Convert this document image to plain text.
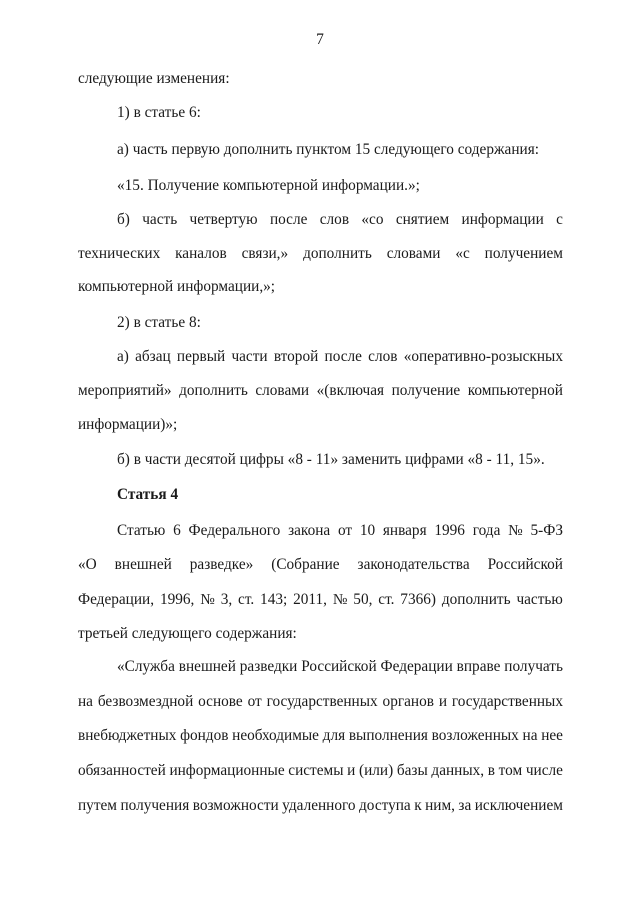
7
следующие изменения:
1) в статье 6:
а) часть первую дополнить пунктом 15 следующего содержания:
«15. Получение компьютерной информации.»;
б) часть четвертую после слов «со снятием информации с
технических каналов связи,» дополнить словами «с получением
компьютерной информации,»;
2) в статье 8:
а) абзац первый части второй после слов «оперативно-розыскных
мероприятий» дополнить словами «(включая получение компьютерной
информации)»;
б) в части десятой цифры «8 - 11» заменить цифрами «8 - 11, 15».
Статья 4
Статью 6 Федерального закона от 10 января 1996 года № 5-ФЗ
«О внешней разведке» (Собрание законодательства Российской
Федерации, 1996, № 3, ст. 143; 2011, № 50, ст. 7366) дополнить частью
третьей следующего содержания:
«Служба внешней разведки Российской Федерации вправе получать
на безвозмездной основе от государственных органов и государственных
внебюджетных фондов необходимые для выполнения возложенных на нее
обязанностей информационные системы и (или) базы данных, в том числе
путем получения возможности удаленного доступа к ним, за исключением
